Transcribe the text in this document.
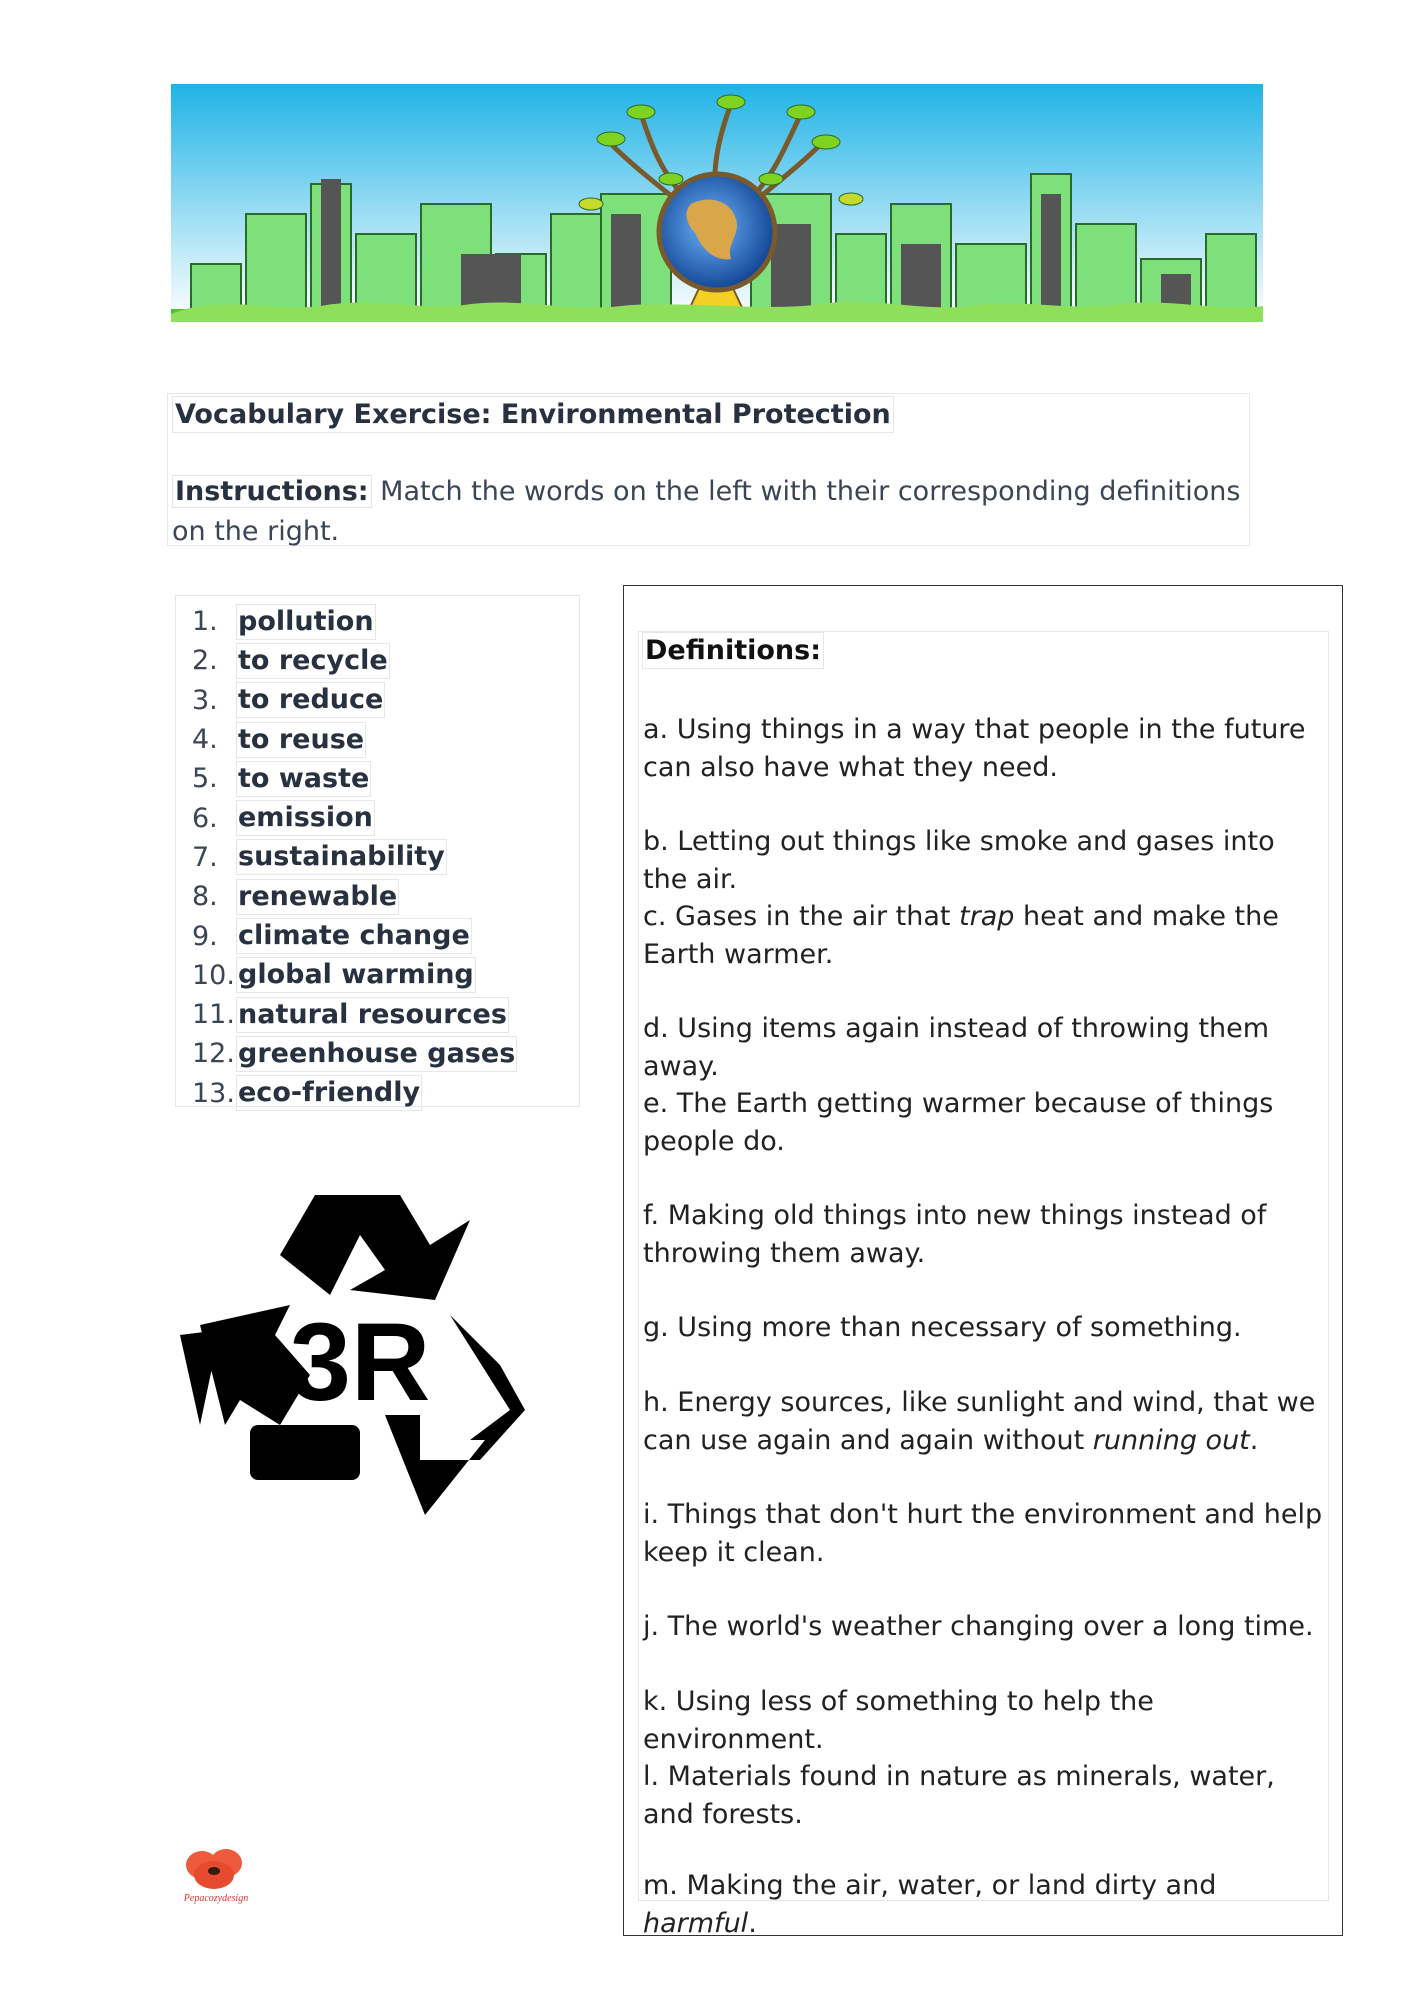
Vocabulary Exercise: Environmental Protection
Instructions: Match the words on the left with their corresponding definitions on the right.
1. pollution
2. to recycle
3. to reduce
4. to reuse
5. to waste
6. emission
7. sustainability
8. renewable
9. climate change
10. global warming
11. natural resources
12. greenhouse gases
13. eco-friendly
3R
Definitions:
a. Using things in a way that people in the future can also have what they need.
b. Letting out things like smoke and gases into the air.
c. Gases in the air that trap heat and make the Earth warmer.
d. Using items again instead of throwing them away.
e. The Earth getting warmer because of things people do.
f. Making old things into new things instead of throwing them away.
g. Using more than necessary of something.
h. Energy sources, like sunlight and wind, that we can use again and again without running out.
i. Things that don't hurt the environment and help keep it clean.
j. The world's weather changing over a long time.
k. Using less of something to help the environment.
l. Materials found in nature as minerals, water, and forests.
m. Making the air, water, or land dirty and harmful.
Pepacozydesign
